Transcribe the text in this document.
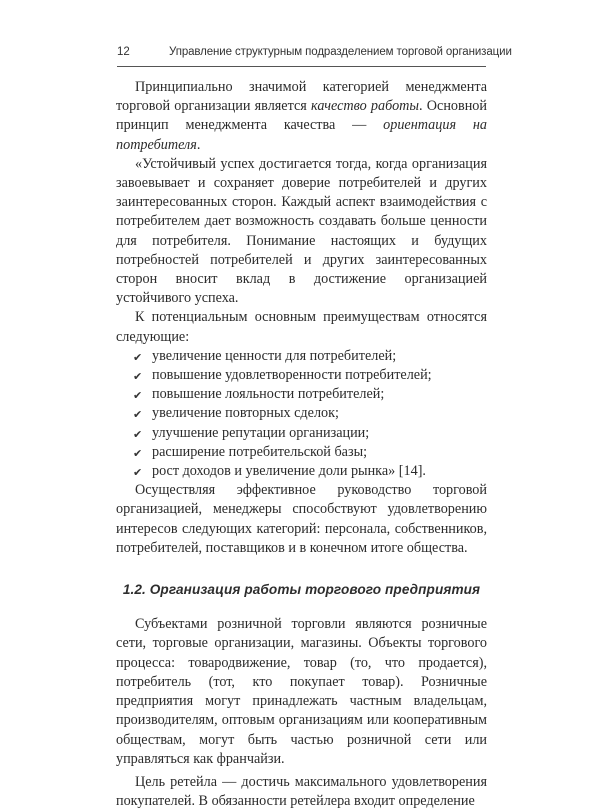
12	Управление структурным подразделением торговой организации

Принципиально значимой категорией менеджмента торговой организации является качество работы. Основной принцип менеджмента качества — ориентация на потребителя.

«Устойчивый успех достигается тогда, когда организация завоевывает и сохраняет доверие потребителей и других заинтересованных сторон. Каждый аспект взаимодействия с потребителем дает возможность создавать больше ценности для потребителя. Понимание настоящих и будущих потребностей потребителей и других заинтересованных сторон вносит вклад в достижение организацией устойчивого успеха.

К потенциальным основным преимуществам относятся следующие:

✔ увеличение ценности для потребителей;
✔ повышение удовлетворенности потребителей;
✔ повышение лояльности потребителей;
✔ увеличение повторных сделок;
✔ улучшение репутации организации;
✔ расширение потребительской базы;
✔ рост доходов и увеличение доли рынка» [14].

Осуществляя эффективное руководство торговой организацией, менеджеры способствуют удовлетворению интересов следующих категорий: персонала, собственников, потребителей, поставщиков и в конечном итоге общества.

1.2. Организация работы торгового предприятия

Субъектами розничной торговли являются розничные сети, торговые организации, магазины. Объекты торгового процесса: товародвижение, товар (то, что продается), потребитель (тот, кто покупает товар). Розничные предприятия могут принадлежать частным владельцам, производителям, оптовым организациям или кооперативным обществам, могут быть частью розничной сети или управляться как франчайзи.

Цель ретейла — достичь максимального удовлетворения покупателей. В обязанности ретейлера входит определение
